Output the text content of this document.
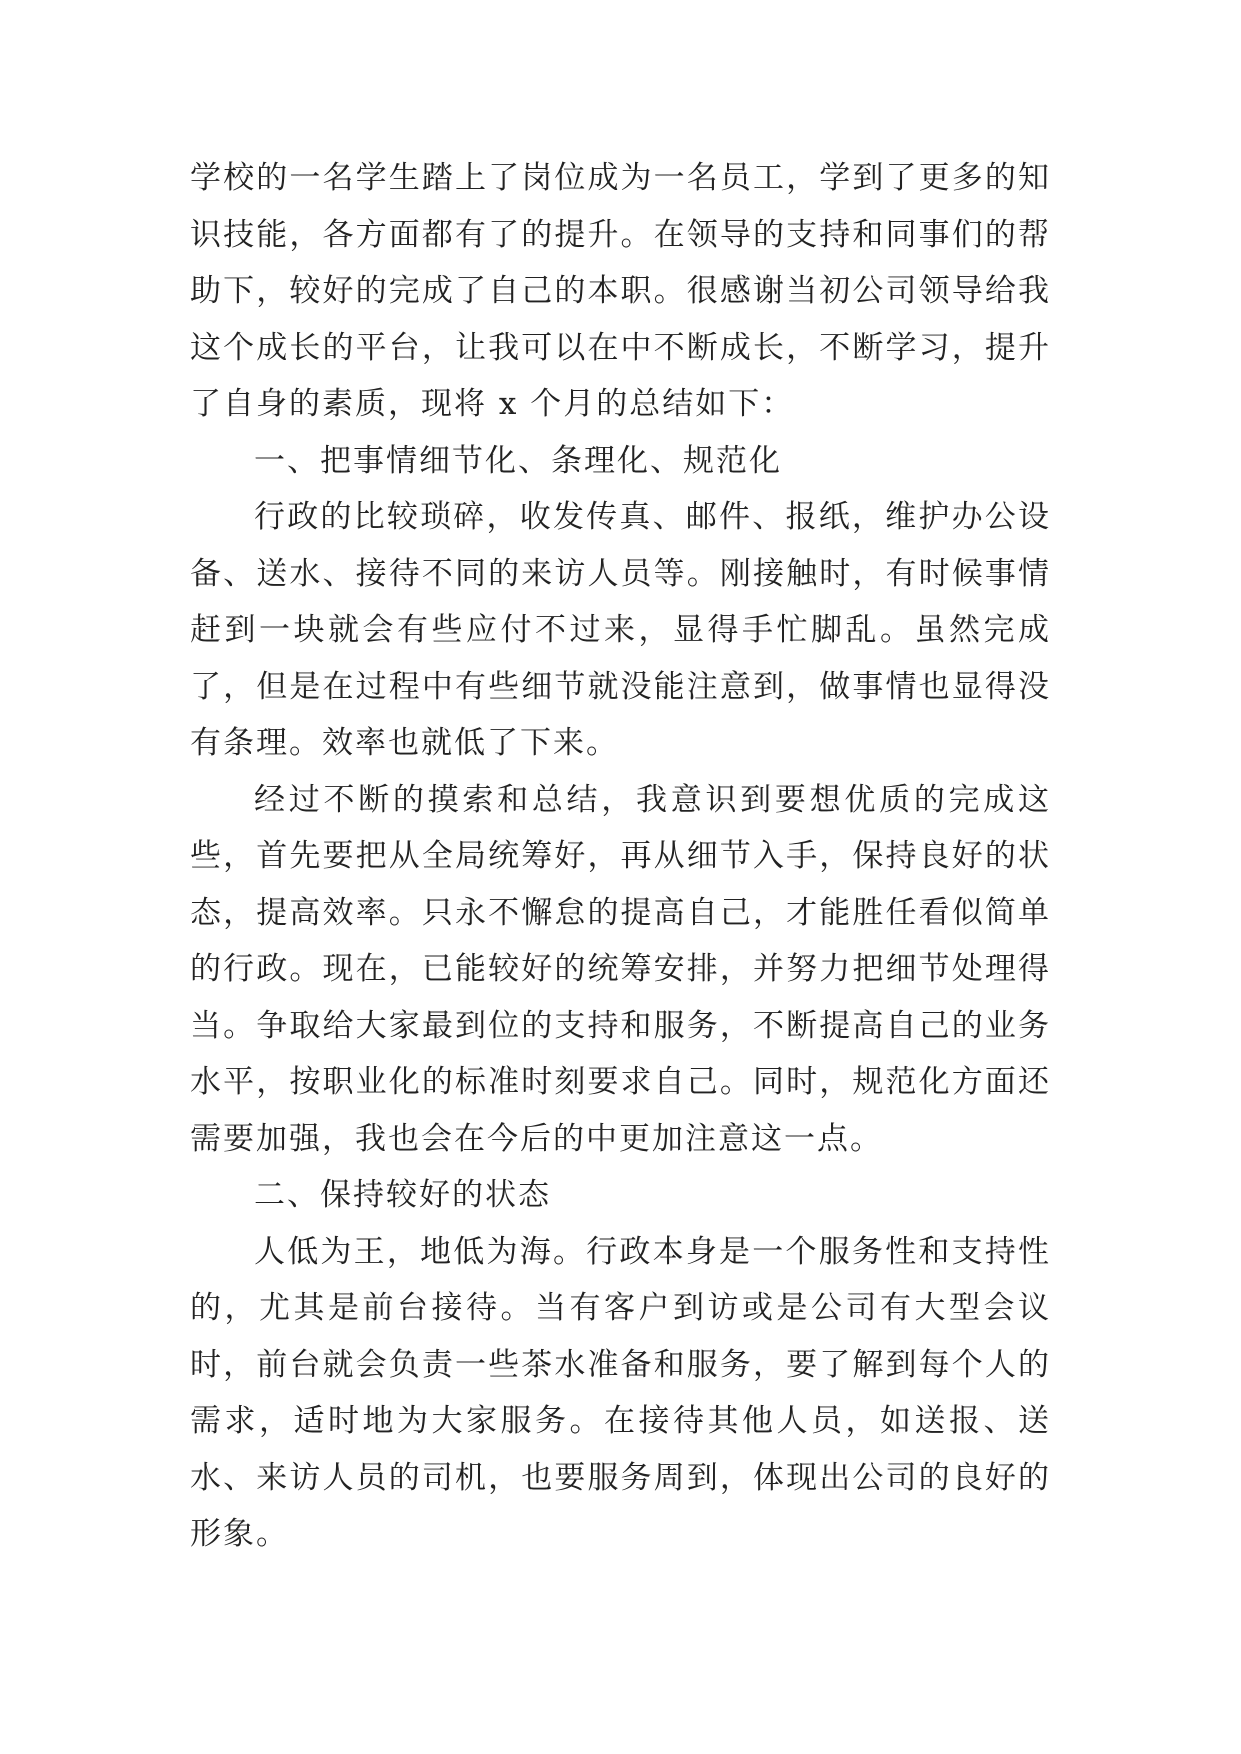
学校的一名学生踏上了岗位成为一名员工，学到了更多的知识技能，各方面都有了的提升。在领导的支持和同事们的帮助下，较好的完成了自己的本职。很感谢当初公司领导给我这个成长的平台，让我可以在中不断成长，不断学习，提升了自身的素质，现将 x 个月的总结如下：

一、把事情细节化、条理化、规范化

行政的比较琐碎，收发传真、邮件、报纸，维护办公设备、送水、接待不同的来访人员等。刚接触时，有时候事情赶到一块就会有些应付不过来，显得手忙脚乱。虽然完成了，但是在过程中有些细节就没能注意到，做事情也显得没有条理。效率也就低了下来。

经过不断的摸索和总结，我意识到要想优质的完成这些，首先要把从全局统筹好，再从细节入手，保持良好的状态，提高效率。只永不懈怠的提高自己，才能胜任看似简单的行政。现在，已能较好的统筹安排，并努力把细节处理得当。争取给大家最到位的支持和服务，不断提高自己的业务水平，按职业化的标准时刻要求自己。同时，规范化方面还需要加强，我也会在今后的中更加注意这一点。

二、保持较好的状态

人低为王，地低为海。行政本身是一个服务性和支持性的，尤其是前台接待。当有客户到访或是公司有大型会议时，前台就会负责一些茶水准备和服务，要了解到每个人的需求，适时地为大家服务。在接待其他人员，如送报、送水、来访人员的司机，也要服务周到，体现出公司的良好的形象。
